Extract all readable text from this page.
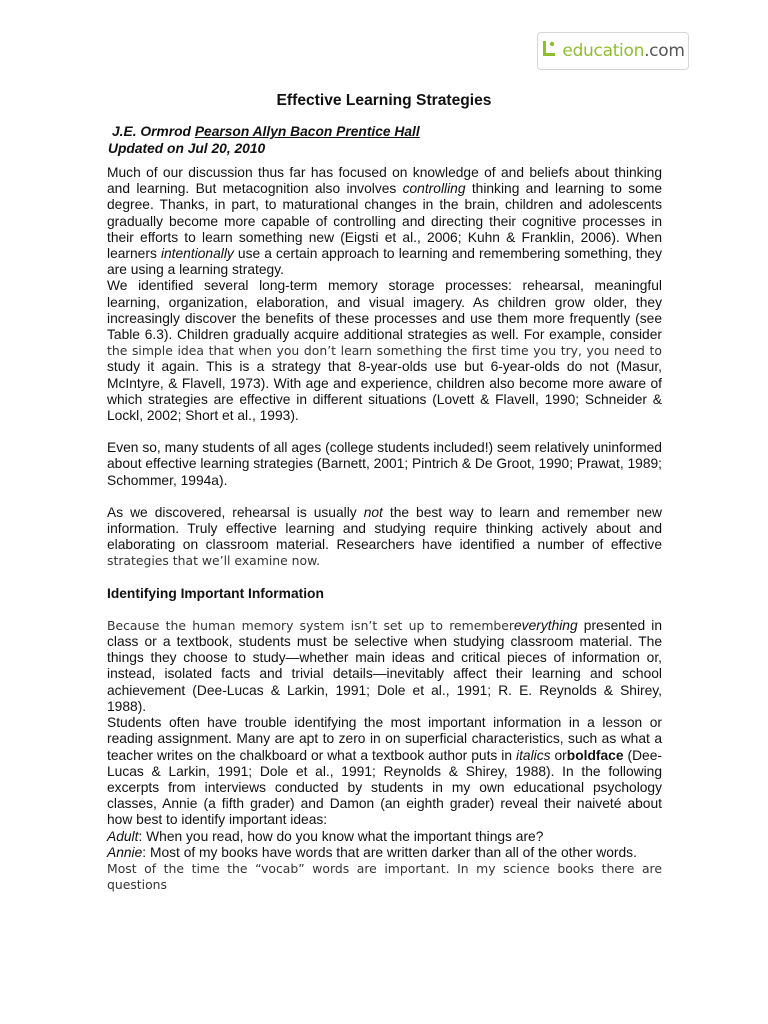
education.com
Effective Learning Strategies
J.E. Ormrod Pearson Allyn Bacon Prentice Hall
Updated on Jul 20, 2010

Much of our discussion thus far has focused on knowledge of and beliefs about thinking and learning. But metacognition also involves controlling thinking and learning to some degree. Thanks, in part, to maturational changes in the brain, children and adolescents gradually become more capable of controlling and directing their cognitive processes in their efforts to learn something new (Eigsti et al., 2006; Kuhn & Franklin, 2006). When learners intentionally use a certain approach to learning and remembering something, they are using a learning strategy.

We identified several long-term memory storage processes: rehearsal, meaningful learning, organization, elaboration, and visual imagery. As children grow older, they increasingly discover the benefits of these processes and use them more frequently (see Table 6.3). Children gradually acquire additional strategies as well. For example, consider the simple idea that when you don’t learn something the first time you try, you need to study it again. This is a strategy that 8-year-olds use but 6-year-olds do not (Masur, McIntyre, & Flavell, 1973). With age and experience, children also become more aware of which strategies are effective in different situations (Lovett & Flavell, 1990; Schneider & Lockl, 2002; Short et al., 1993).

Even so, many students of all ages (college students included!) seem relatively uninformed about effective learning strategies (Barnett, 2001; Pintrich & De Groot, 1990; Prawat, 1989; Schommer, 1994a).

As we discovered, rehearsal is usually not the best way to learn and remember new information. Truly effective learning and studying require thinking actively about and elaborating on classroom material. Researchers have identified a number of effective strategies that we’ll examine now.

Identifying Important Information

Because the human memory system isn’t set up to remembereverything presented in class or a textbook, students must be selective when studying classroom material. The things they choose to study—whether main ideas and critical pieces of information or, instead, isolated facts and trivial details—inevitably affect their learning and school achievement (Dee-Lucas & Larkin, 1991; Dole et al., 1991; R. E. Reynolds & Shirey, 1988).

Students often have trouble identifying the most important information in a lesson or reading assignment. Many are apt to zero in on superficial characteristics, such as what a teacher writes on the chalkboard or what a textbook author puts in italics orboldface (Dee-Lucas & Larkin, 1991; Dole et al., 1991; Reynolds & Shirey, 1988). In the following excerpts from interviews conducted by students in my own educational psychology classes, Annie (a fifth grader) and Damon (an eighth grader) reveal their naiveté about how best to identify important ideas:

Adult: When you read, how do you know what the important things are?

Annie: Most of my books have words that are written darker than all of the other words.

Most of the time the “vocab” words are important. In my science books there are questions
